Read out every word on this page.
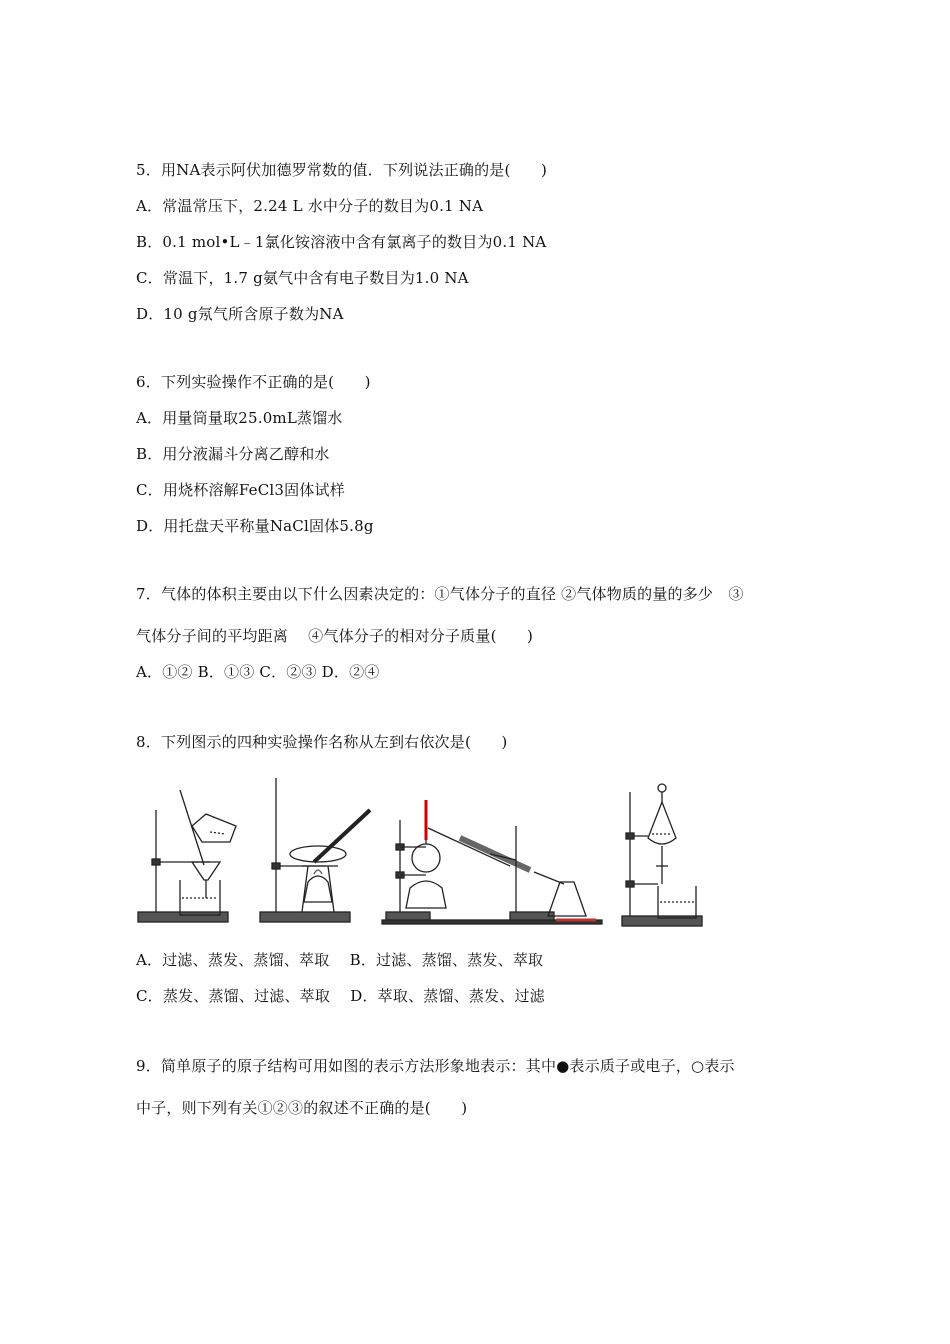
5．用NA表示阿伏加德罗常数的值．下列说法正确的是(　　)
A．常温常压下，2.24 L 水中分子的数目为0.1 NA
B．0.1 mol•L﹣1氯化铵溶液中含有氯离子的数目为0.1 NA
C．常温下，1.7 g氨气中含有电子数目为1.0 NA
D．10 g氖气所含原子数为NA
6．下列实验操作不正确的是(　　)
A．用量筒量取25.0mL蒸馏水
B．用分液漏斗分离乙醇和水
C．用烧杯溶解FeCl3固体试样
D．用托盘天平称量NaCl固体5.8g
7．气体的体积主要由以下什么因素决定的：①气体分子的直径 ②气体物质的量的多少　③
气体分子间的平均距离　 ④气体分子的相对分子质量(　　)
A．①② B．①③ C．②③ D．②④
8．下列图示的四种实验操作名称从左到右依次是(　　)
A．过滤、蒸发、蒸馏、萃取　 B．过滤、蒸馏、蒸发、萃取
C．蒸发、蒸馏、过滤、萃取　 D．萃取、蒸馏、蒸发、过滤
9．简单原子的原子结构可用如图的表示方法形象地表示：其中●表示质子或电子，○表示
中子，则下列有关①②③的叙述不正确的是(　　)
